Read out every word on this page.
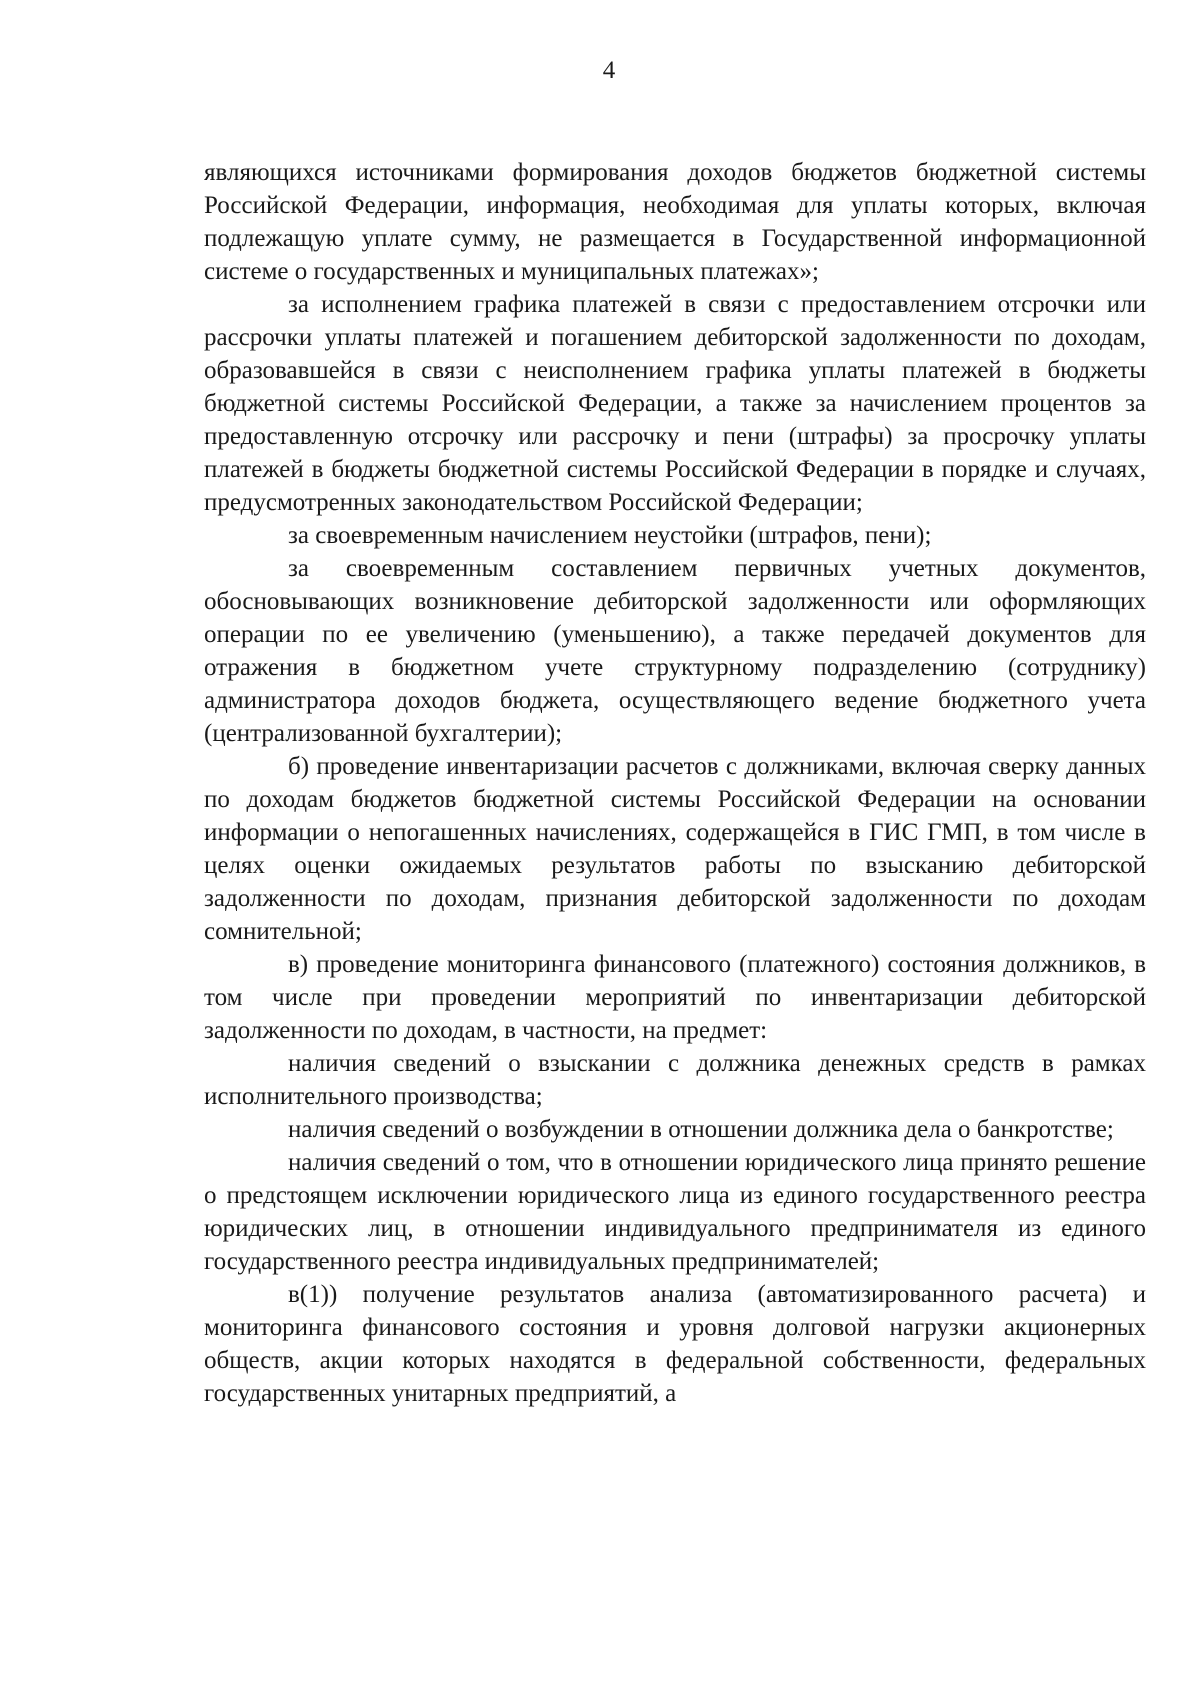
4

являющихся источниками формирования доходов бюджетов бюджетной системы Российской Федерации, информация, необходимая для уплаты которых, включая подлежащую уплате сумму, не размещается в Государственной информационной системе о государственных и муниципальных платежах»;

за исполнением графика платежей в связи с предоставлением отсрочки или рассрочки уплаты платежей и погашением дебиторской задолженности по доходам, образовавшейся в связи с неисполнением графика уплаты платежей в бюджеты бюджетной системы Российской Федерации, а также за начислением процентов за предоставленную отсрочку или рассрочку и пени (штрафы) за просрочку уплаты платежей в бюджеты бюджетной системы Российской Федерации в порядке и случаях, предусмотренных законодательством Российской Федерации;

за своевременным начислением неустойки (штрафов, пени);

за своевременным составлением первичных учетных документов, обосновывающих возникновение дебиторской задолженности или оформляющих операции по ее увеличению (уменьшению), а также передачей документов для отражения в бюджетном учете структурному подразделению (сотруднику) администратора доходов бюджета, осуществляющего ведение бюджетного учета (централизованной бухгалтерии);

б) проведение инвентаризации расчетов с должниками, включая сверку данных по доходам бюджетов бюджетной системы Российской Федерации на основании информации о непогашенных начислениях, содержащейся в ГИС ГМП, в том числе в целях оценки ожидаемых результатов работы по взысканию дебиторской задолженности по доходам, признания дебиторской задолженности по доходам сомнительной;

в) проведение мониторинга финансового (платежного) состояния должников, в том числе при проведении мероприятий по инвентаризации дебиторской задолженности по доходам, в частности, на предмет:

наличия сведений о взыскании с должника денежных средств в рамках исполнительного производства;

наличия сведений о возбуждении в отношении должника дела о банкротстве;

наличия сведений о том, что в отношении юридического лица принято решение о предстоящем исключении юридического лица из единого государственного реестра юридических лиц, в отношении индивидуального предпринимателя из единого государственного реестра индивидуальных предпринимателей;

в(1)) получение результатов анализа (автоматизированного расчета) и мониторинга финансового состояния и уровня долговой нагрузки акционерных обществ, акции которых находятся в федеральной собственности, федеральных государственных унитарных предприятий, а
